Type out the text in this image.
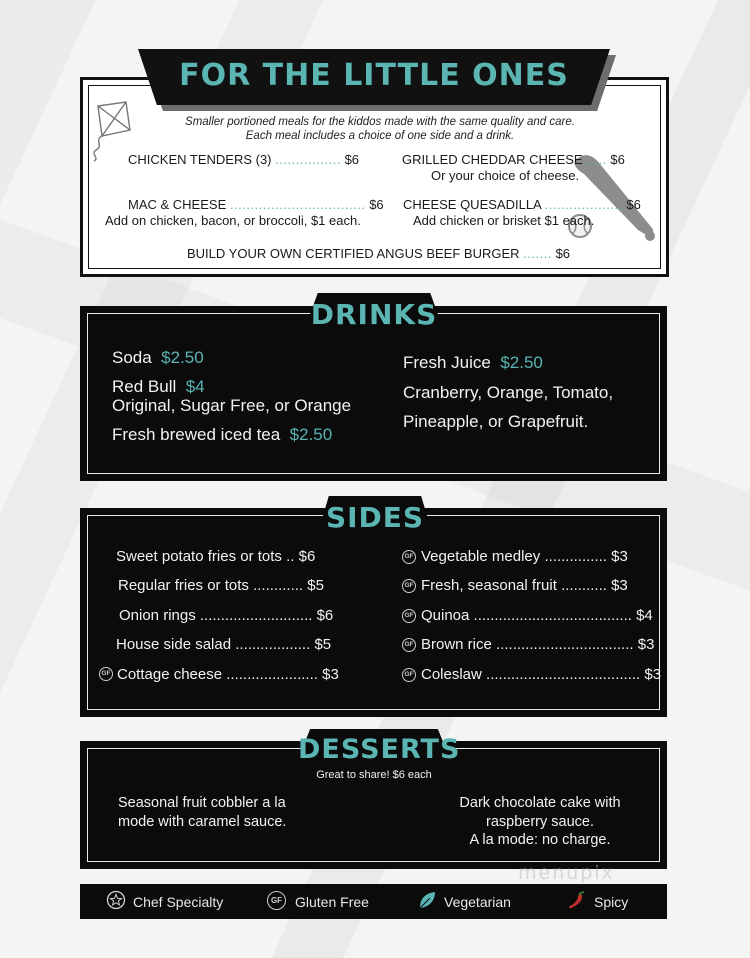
FOR THE LITTLE ONES
Smaller portioned meals for the kiddos made with the same quality and care.
Each meal includes a choice of one side and a drink.
CHICKEN TENDERS (3) ................ $6	GRILLED CHEDDAR CHEESE ..... $6
Or your choice of cheese.
MAC & CHEESE ................................. $6
Add on chicken, bacon, or broccoli, $1 each.
CHEESE QUESADILLA ................... $6
Add chicken or brisket $1 each.
BUILD YOUR OWN CERTIFIED ANGUS BEEF BURGER ....... $6
DRINKS
Soda $2.50
Red Bull $4
Original, Sugar Free, or Orange
Fresh brewed iced tea $2.50
Fresh Juice $2.50
Cranberry, Orange, Tomato,
Pineapple, or Grapefruit.
SIDES
Sweet potato fries or tots .. $6
Regular fries or tots ............ $5
Onion rings ........................... $6
House side salad .................. $5
GF Cottage cheese ...................... $3
GF Vegetable medley ............... $3
GF Fresh, seasonal fruit ........... $3
GF Quinoa ...................................... $4
GF Brown rice ................................. $3
GF Coleslaw ..................................... $3
DESSERTS
Great to share! $6 each
Seasonal fruit cobbler a la
mode with caramel sauce.
Dark chocolate cake with
raspberry sauce.
A la mode: no charge.
menupix
Chef Specialty	GF Gluten Free	Vegetarian	Spicy
